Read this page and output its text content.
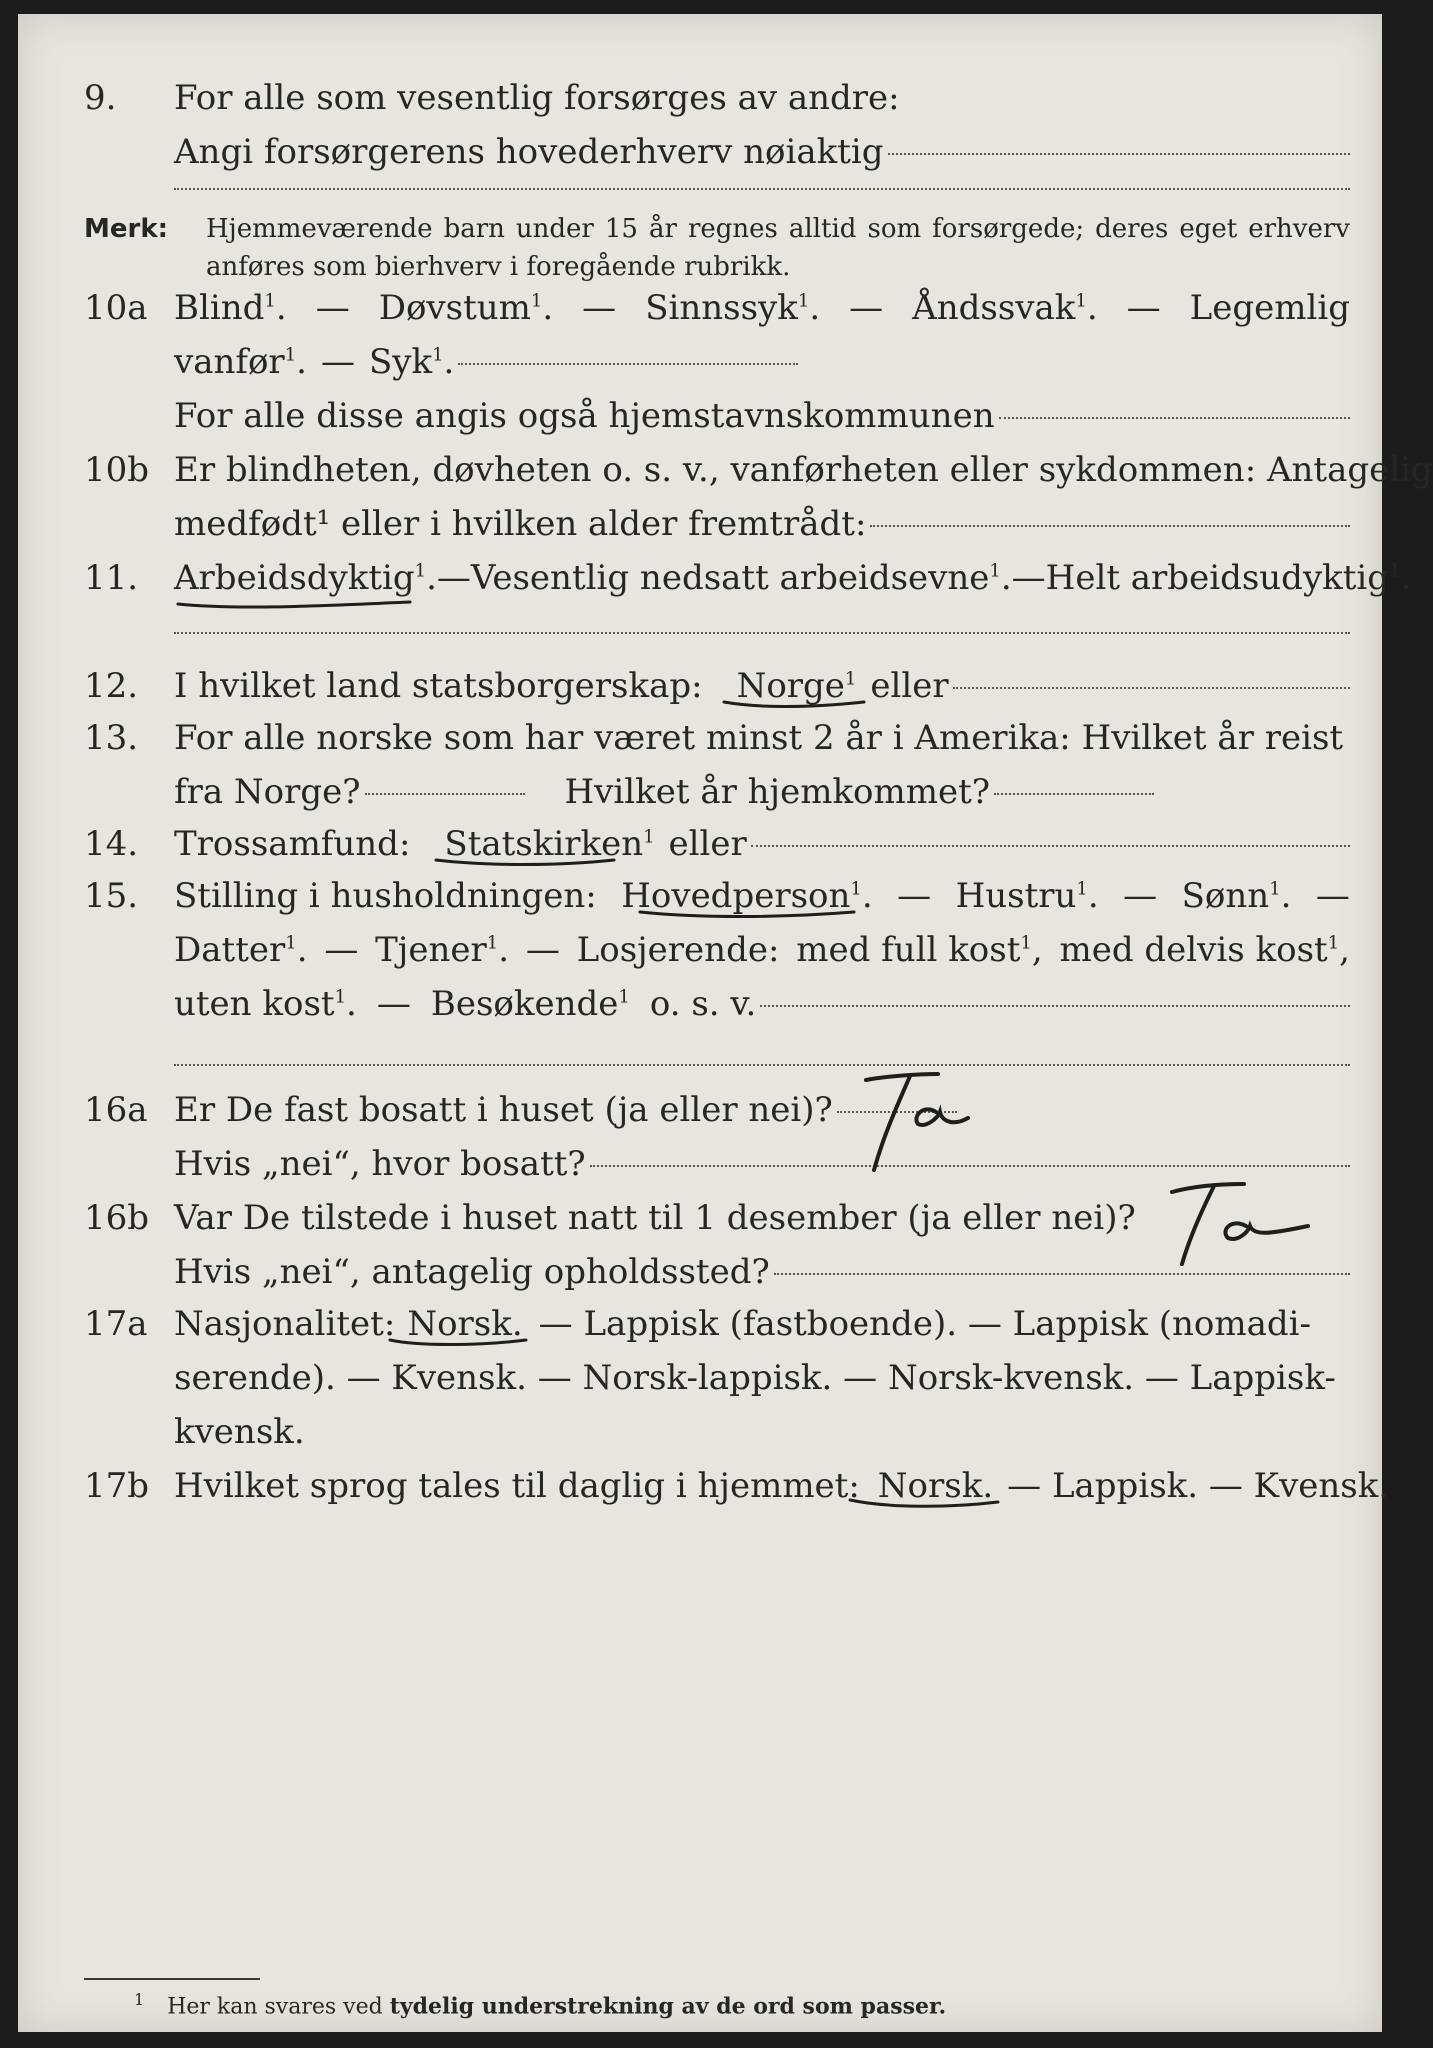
9. For alle som vesentlig forsørges av andre:
Angi forsørgerens hovederhverv nøiaktig
Merk: Hjemmeværende barn under 15 år regnes alltid som forsørgede; deres eget erhverv anføres som bierhverv i foregående rubrikk.
10a Blind$^1$. — Døvstum$^1$. — Sinnssyk$^1$. — Åndssvak$^1$. — Legemlig
vanfør$^1$. — Syk$^1$.
For alle disse angis også hjemstavnskommunen
10b Er blindheten, døvheten o. s. v., vanførheten eller sykdommen: Antagelig
medfødt¹ eller i hvilken alder fremtrådt:
11. Arbeidsdyktig$^1$. — Vesentlig nedsatt arbeidsevne$^1$. — Helt arbeidsudyktig$^1$.
12. I hvilket land statsborgerskap: Norge$^1$ eller
13. For alle norske som har været minst 2 år i Amerika: Hvilket år reist
fra Norge?	Hvilket år hjemkommet?
14. Trossamfund: Statskirken$^1$ eller
15. Stilling i husholdningen: Hovedperson$^1$. — Hustru$^1$. — Sønn$^1$. —
Datter$^1$. — Tjener$^1$. — Losjerende: med full kost$^1$, med delvis kost$^1$,
uten kost$^1$. — Besøkende$^1$ o. s. v.
16a Er De fast bosatt i huset (ja eller nei)?
Hvis „nei“, hvor bosatt?
16b Var De tilstede i huset natt til 1 desember (ja eller nei)?
Hvis „nei“, antagelig opholdssted?
17a Nasjonalitet: Norsk. — Lappisk (fastboende). — Lappisk (nomadi-
serende). — Kvensk. — Norsk-lappisk. — Norsk-kvensk. — Lappisk-
kvensk.
17b Hvilket sprog tales til daglig i hjemmet: Norsk. — Lappisk. — Kvensk.
$^1$ Her kan svares ved tydelig understrekning av de ord som passer.
